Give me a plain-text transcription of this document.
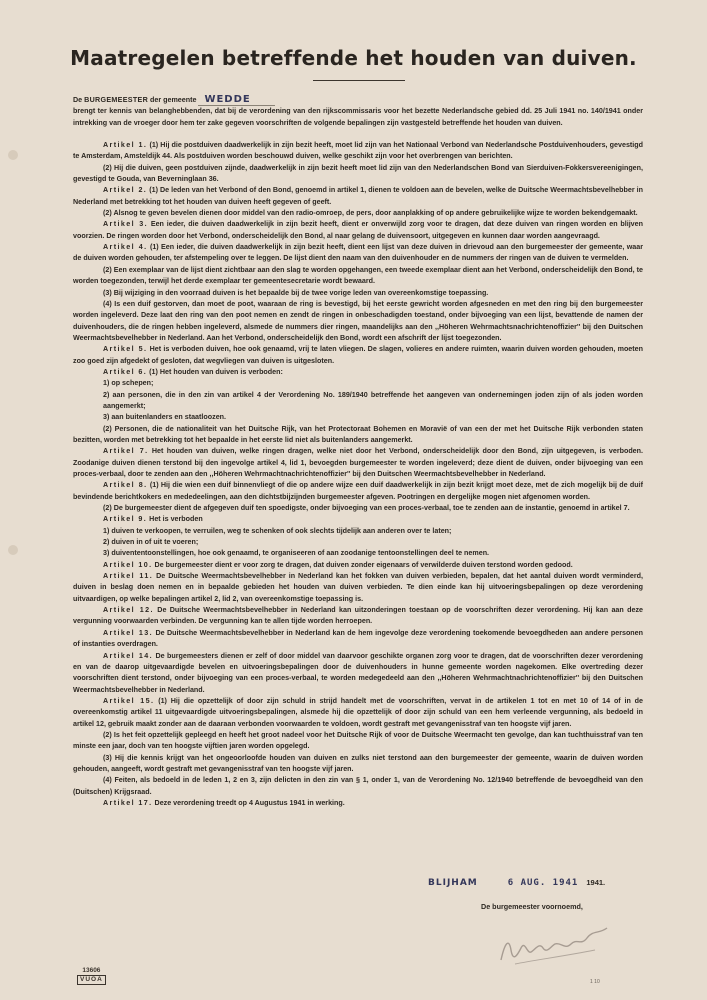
Maatregelen betreffende het houden van duiven.

De BURGEMEESTER der gemeente WEDDE
brengt ter kennis van belanghebbenden, dat bij de verordening van den rijkscommissaris voor het bezette Nederlandsche gebied dd. 25 Juli 1941 no. 140/1941 onder intrekking van de vroeger door hem ter zake gegeven voorschriften de volgende bepalingen zijn vastgesteld betreffende het houden van duiven.

Artikel 1. (1) Hij die postduiven daadwerkelijk in zijn bezit heeft, moet lid zijn van het Nationaal Verbond van Nederlandsche Postduivenhouders, gevestigd te Amsterdam, Amsteldijk 44. Als postduiven worden beschouwd duiven, welke geschikt zijn voor het overbrengen van berichten.

(2) Hij die duiven, geen postduiven zijnde, daadwerkelijk in zijn bezit heeft moet lid zijn van den Nederlandschen Bond van Sierduiven-Fokkersvereenigingen, gevestigd te Gouda, van Beverninglaan 36.

Artikel 2. (1) De leden van het Verbond of den Bond, genoemd in artikel 1, dienen te voldoen aan de bevelen, welke de Duitsche Weermachtsbevelhebber in Nederland met betrekking tot het houden van duiven heeft gegeven of geeft.

(2) Alsnog te geven bevelen dienen door middel van den radio-omroep, de pers, door aanplakking of op andere gebruikelijke wijze te worden bekendgemaakt.

Artikel 3. Een ieder, die duiven daadwerkelijk in zijn bezit heeft, dient er onverwijld zorg voor te dragen, dat deze duiven van ringen worden en blijven voorzien. De ringen worden door het Verbond, onderscheidelijk den Bond, al naar gelang de duivensoort, uitgegeven en kunnen daar worden aangevraagd.

Artikel 4. (1) Een ieder, die duiven daadwerkelijk in zijn bezit heeft, dient een lijst van deze duiven in drievoud aan den burgemeester der gemeente, waar de duiven worden gehouden, ter afstempeling over te leggen. De lijst dient den naam van den duivenhouder en de nummers der ringen van de duiven te vermelden.

(2) Een exemplaar van de lijst dient zichtbaar aan den slag te worden opgehangen, een tweede exemplaar dient aan het Verbond, onderscheidelijk den Bond, te worden toegezonden, terwijl het derde exemplaar ter gemeentesecretarie wordt bewaard.

(3) Bij wijziging in den voorraad duiven is het bepaalde bij de twee vorige leden van overeenkomstige toepassing.

(4) Is een duif gestorven, dan moet de poot, waaraan de ring is bevestigd, bij het eerste gewricht worden afgesneden en met den ring bij den burgemeester worden ingeleverd. Deze laat den ring van den poot nemen en zendt de ringen in onbeschadigden toestand, onder bijvoeging van een lijst, bevattende de namen der duivenhouders, die de ringen hebben ingeleverd, alsmede de nummers dier ringen, maandelijks aan den ,,Höheren Wehrmachtsnachrichtenoffizier'' bij den Duitschen Weermachtsbevelhebber in Nederland. Aan het Verbond, onderscheidelijk den Bond, wordt een afschrift der lijst toegezonden.

Artikel 5. Het is verboden duiven, hoe ook genaamd, vrij te laten vliegen. De slagen, volieres en andere ruimten, waarin duiven worden gehouden, moeten zoo goed zijn afgedekt of gesloten, dat wegvliegen van duiven is uitgesloten.

Artikel 6. (1) Het houden van duiven is verboden:

1) op schepen;

2) aan personen, die in den zin van artikel 4 der Verordening No. 189/1940 betreffende het aangeven van ondernemingen joden zijn of als joden worden aangemerkt;

3) aan buitenlanders en staatloozen.

(2) Personen, die de nationaliteit van het Duitsche Rijk, van het Protectoraat Bohemen en Moravië of van een der met het Duitsche Rijk verbonden staten bezitten, worden met betrekking tot het bepaalde in het eerste lid niet als buitenlanders aangemerkt.

Artikel 7. Het houden van duiven, welke ringen dragen, welke niet door het Verbond, onderscheidelijk door den Bond, zijn uitgegeven, is verboden. Zoodanige duiven dienen terstond bij den ingevolge artikel 4, lid 1, bevoegden burgemeester te worden ingeleverd; deze dient de duiven, onder bijvoeging van een proces-verbaal, door te zenden aan den ,,Höheren Wehrmachtnachrichtenoffizier'' bij den Duitschen Weermachtsbevelhebber in Nederland.

Artikel 8. (1) Hij die wien een duif binnenvliegt of die op andere wijze een duif daadwerkelijk in zijn bezit krijgt moet deze, met de zich mogelijk bij de duif bevindende berichtkokers en mededeelingen, aan den dichtstbijzijnden burgemeester afgeven. Pootringen en dergelijke mogen niet afgenomen worden.

(2) De burgemeester dient de afgegeven duif ten spoedigste, onder bijvoeging van een proces-verbaal, toe te zenden aan de instantie, genoemd in artikel 7.

Artikel 9. Het is verboden

1) duiven te verkoopen, te verruilen, weg te schenken of ook slechts tijdelijk aan anderen over te laten;

2) duiven in of uit te voeren;

3) duivententoonstellingen, hoe ook genaamd, te organiseeren of aan zoodanige tentoonstellingen deel te nemen.

Artikel 10. De burgemeester dient er voor zorg te dragen, dat duiven zonder eigenaars of verwilderde duiven terstond worden gedood.

Artikel 11. De Duitsche Weermachtsbevelhebber in Nederland kan het fokken van duiven verbieden, bepalen, dat het aantal duiven wordt verminderd, duiven in beslag doen nemen en in bepaalde gebieden het houden van duiven verbieden. Te dien einde kan hij uitvoeringsbepalingen op deze verordening uitvaardigen, op welke bepalingen artikel 2, lid 2, van overeenkomstige toepassing is.

Artikel 12. De Duitsche Weermachtsbevelhebber in Nederland kan uitzonderingen toestaan op de voorschriften dezer verordening. Hij kan aan deze vergunning voorwaarden verbinden. De vergunning kan te allen tijde worden herroepen.

Artikel 13. De Duitsche Weermachtsbevelhebber in Nederland kan de hem ingevolge deze verordening toekomende bevoegdheden aan andere personen of instanties overdragen.

Artikel 14. De burgemeesters dienen er zelf of door middel van daarvoor geschikte organen zorg voor te dragen, dat de voorschriften dezer verordening en van de daarop uitgevaardigde bevelen en uitvoeringsbepalingen door de duivenhouders in hunne gemeente worden nagekomen. Elke overtreding dezer voorschriften dient terstond, onder bijvoeging van een proces-verbaal, te worden medegedeeld aan den ,,Höheren Wehrmachtnachrichtenoffizier'' bij den Duitschen Weermachtsbevelhebber in Nederland.

Artikel 15. (1) Hij die opzettelijk of door zijn schuld in strijd handelt met de voorschriften, vervat in de artikelen 1 tot en met 10 of 14 of in de overeenkomstig artikel 11 uitgevaardigde uitvoeringsbepalingen, alsmede hij die opzettelijk of door zijn schuld van een hem verleende vergunning, als bedoeld in artikel 12, gebruik maakt zonder aan de daaraan verbonden voorwaarden te voldoen, wordt gestraft met gevangenisstraf van ten hoogste vijf jaren.

(2) Is het feit opzettelijk gepleegd en heeft het groot nadeel voor het Duitsche Rijk of voor de Duitsche Weermacht ten gevolge, dan kan tuchthuisstraf van ten minste een jaar, doch van ten hoogste vijftien jaren worden opgelegd.

(3) Hij die kennis krijgt van het ongeoorloofde houden van duiven en zulks niet terstond aan den burgemeester der gemeente, waarin de duiven worden gehouden, aangeeft, wordt gestraft met gevangenisstraf van ten hoogste vijf jaren.

(4) Feiten, als bedoeld in de leden 1, 2 en 3, zijn delicten in den zin van § 1, onder 1, van de Verordening No. 12/1940 betreffende de bevoegdheid van den (Duitschen) Krijgsraad.

Artikel 17. Deze verordening treedt op 4 Augustus 1941 in werking.

BLIJHAM	6 AUG. 1941 1941.
De burgemeester voornoemd,
13606
VUOA	1 10
